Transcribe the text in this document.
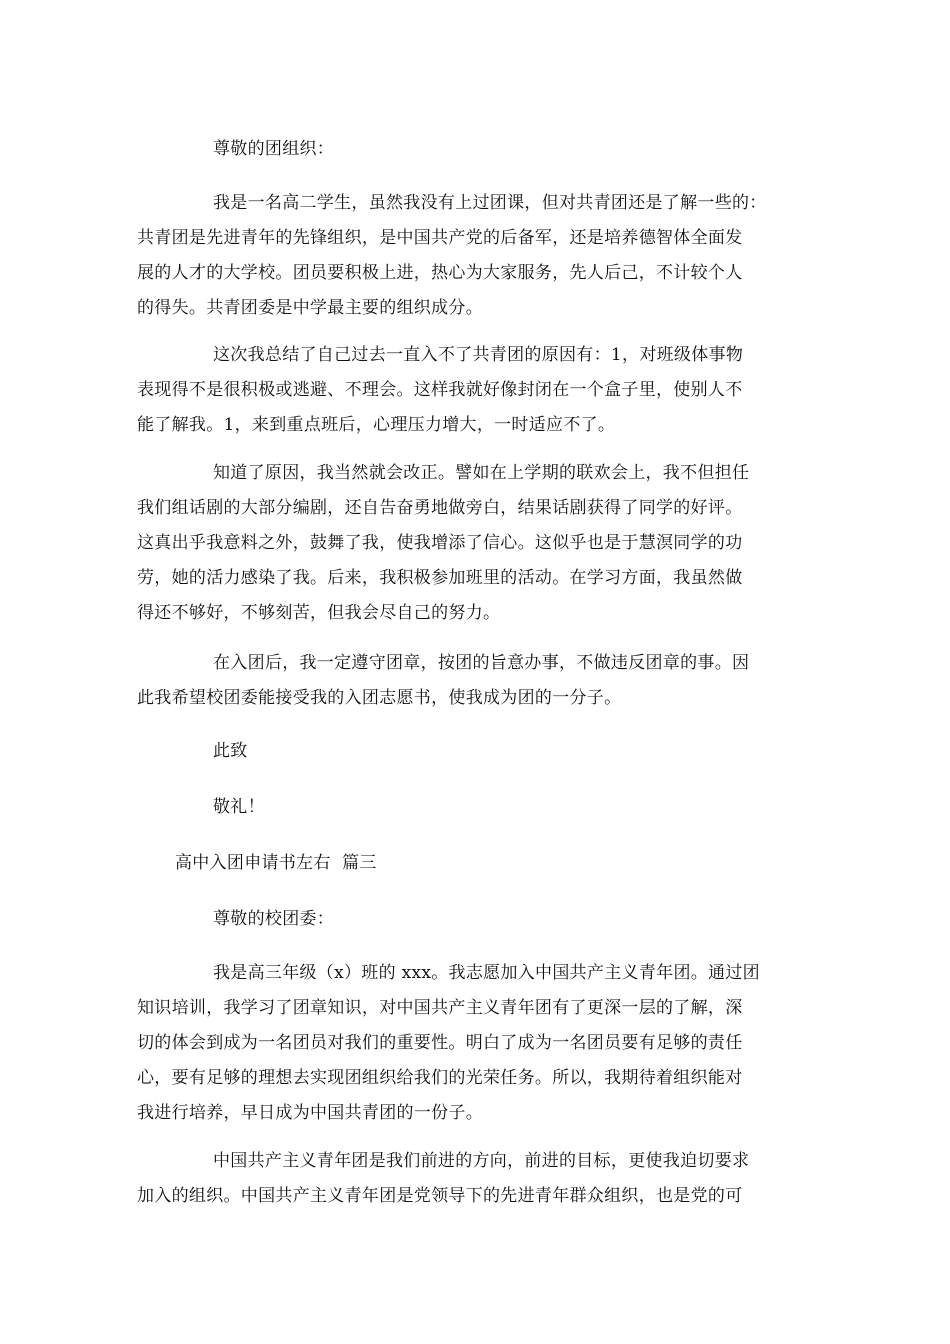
尊敬的团组织：

我是一名高二学生，虽然我没有上过团课，但对共青团还是了解一些的：
共青团是先进青年的先锋组织，是中国共产党的后备军，还是培养德智体全面发
展的人才的大学校。团员要积极上进，热心为大家服务，先人后己，不计较个人
的得失。共青团委是中学最主要的组织成分。

这次我总结了自己过去一直入不了共青团的原因有：1，对班级体事物
表现得不是很积极或逃避、不理会。这样我就好像封闭在一个盒子里，使别人不
能了解我。1，来到重点班后，心理压力增大，一时适应不了。

知道了原因，我当然就会改正。譬如在上学期的联欢会上，我不但担任
我们组话剧的大部分编剧，还自告奋勇地做旁白，结果话剧获得了同学的好评。
这真出乎我意料之外，鼓舞了我，使我增添了信心。这似乎也是于慧溟同学的功
劳，她的活力感染了我。后来，我积极参加班里的活动。在学习方面，我虽然做
得还不够好，不够刻苦，但我会尽自己的努力。

在入团后，我一定遵守团章，按团的旨意办事，不做违反团章的事。因
此我希望校团委能接受我的入团志愿书，使我成为团的一分子。

此致

敬礼！

高中入团申请书左右  篇三

尊敬的校团委：

我是高三年级（x）班的 xxx。我志愿加入中国共产主义青年团。通过团
知识培训，我学习了团章知识，对中国共产主义青年团有了更深一层的了解，深
切的体会到成为一名团员对我们的重要性。明白了成为一名团员要有足够的责任
心，要有足够的理想去实现团组织给我们的光荣任务。所以，我期待着组织能对
我进行培养，早日成为中国共青团的一份子。

中国共产主义青年团是我们前进的方向，前进的目标，更使我迫切要求
加入的组织。中国共产主义青年团是党领导下的先进青年群众组织，也是党的可
